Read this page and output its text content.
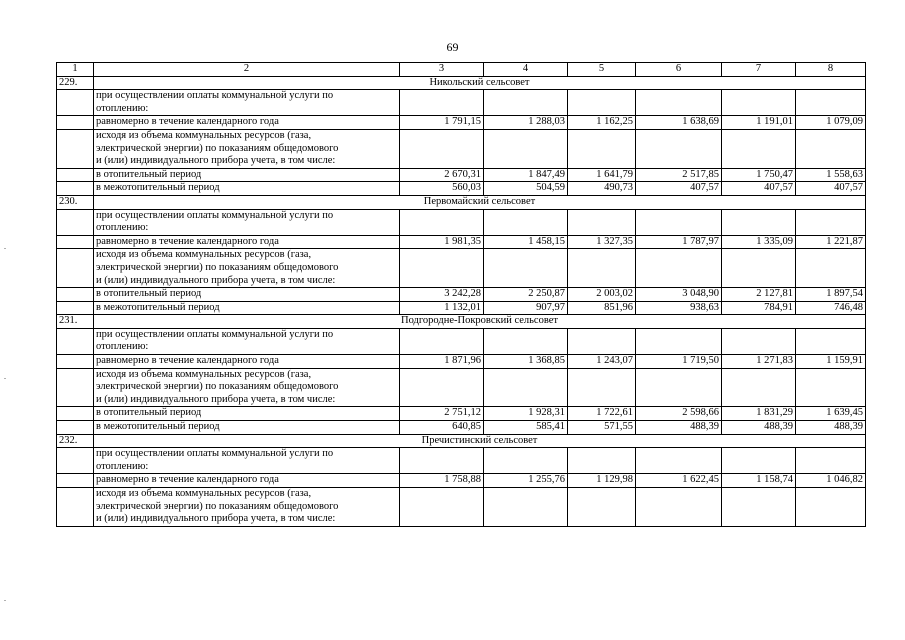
69
1	2	3	4	5	6	7	8
229.	Никольский сельсовет						

	при осуществлении оплаты коммунальной услуги по
отоплению:						

	равномерно в течение календарного года	1 791,15	1 288,03	1 162,25	1 638,69	1 191,01	1 079,09

	исходя из объема коммунальных ресурсов (газа,
электрической энергии) по показаниям общедомового
и (или) индивидуального прибора учета, в том числе:						

	в отопительный период	2 670,31	1 847,49	1 641,79	2 517,85	1 750,47	1 558,63

	в межотопительный период	560,03	504,59	490,73	407,57	407,57	407,57
230.	Первомайский сельсовет						

	при осуществлении оплаты коммунальной услуги по
отоплению:						

	равномерно в течение календарного года	1 981,35	1 458,15	1 327,35	1 787,97	1 335,09	1 221,87

	исходя из объема коммунальных ресурсов (газа,
электрической энергии) по показаниям общедомового
и (или) индивидуального прибора учета, в том числе:						

	в отопительный период	3 242,28	2 250,87	2 003,02	3 048,90	2 127,81	1 897,54

	в межотопительный период	1 132,01	907,97	851,96	938,63	784,91	746,48
231.	Подгородне-Покровский сельсовет						

	при осуществлении оплаты коммунальной услуги по
отоплению:						

	равномерно в течение календарного года	1 871,96	1 368,85	1 243,07	1 719,50	1 271,83	1 159,91

	исходя из объема коммунальных ресурсов (газа,
электрической энергии) по показаниям общедомового
и (или) индивидуального прибора учета, в том числе:						

	в отопительный период	2 751,12	1 928,31	1 722,61	2 598,66	1 831,29	1 639,45

	в межотопительный период	640,85	585,41	571,55	488,39	488,39	488,39
232.	Пречистинский сельсовет						

	при осуществлении оплаты коммунальной услуги по
отоплению:						

	равномерно в течение календарного года	1 758,88	1 255,76	1 129,98	1 622,45	1 158,74	1 046,82

	исходя из объема коммунальных ресурсов (газа,
электрической энергии) по показаниям общедомового
и (или) индивидуального прибора учета, в том числе:						
